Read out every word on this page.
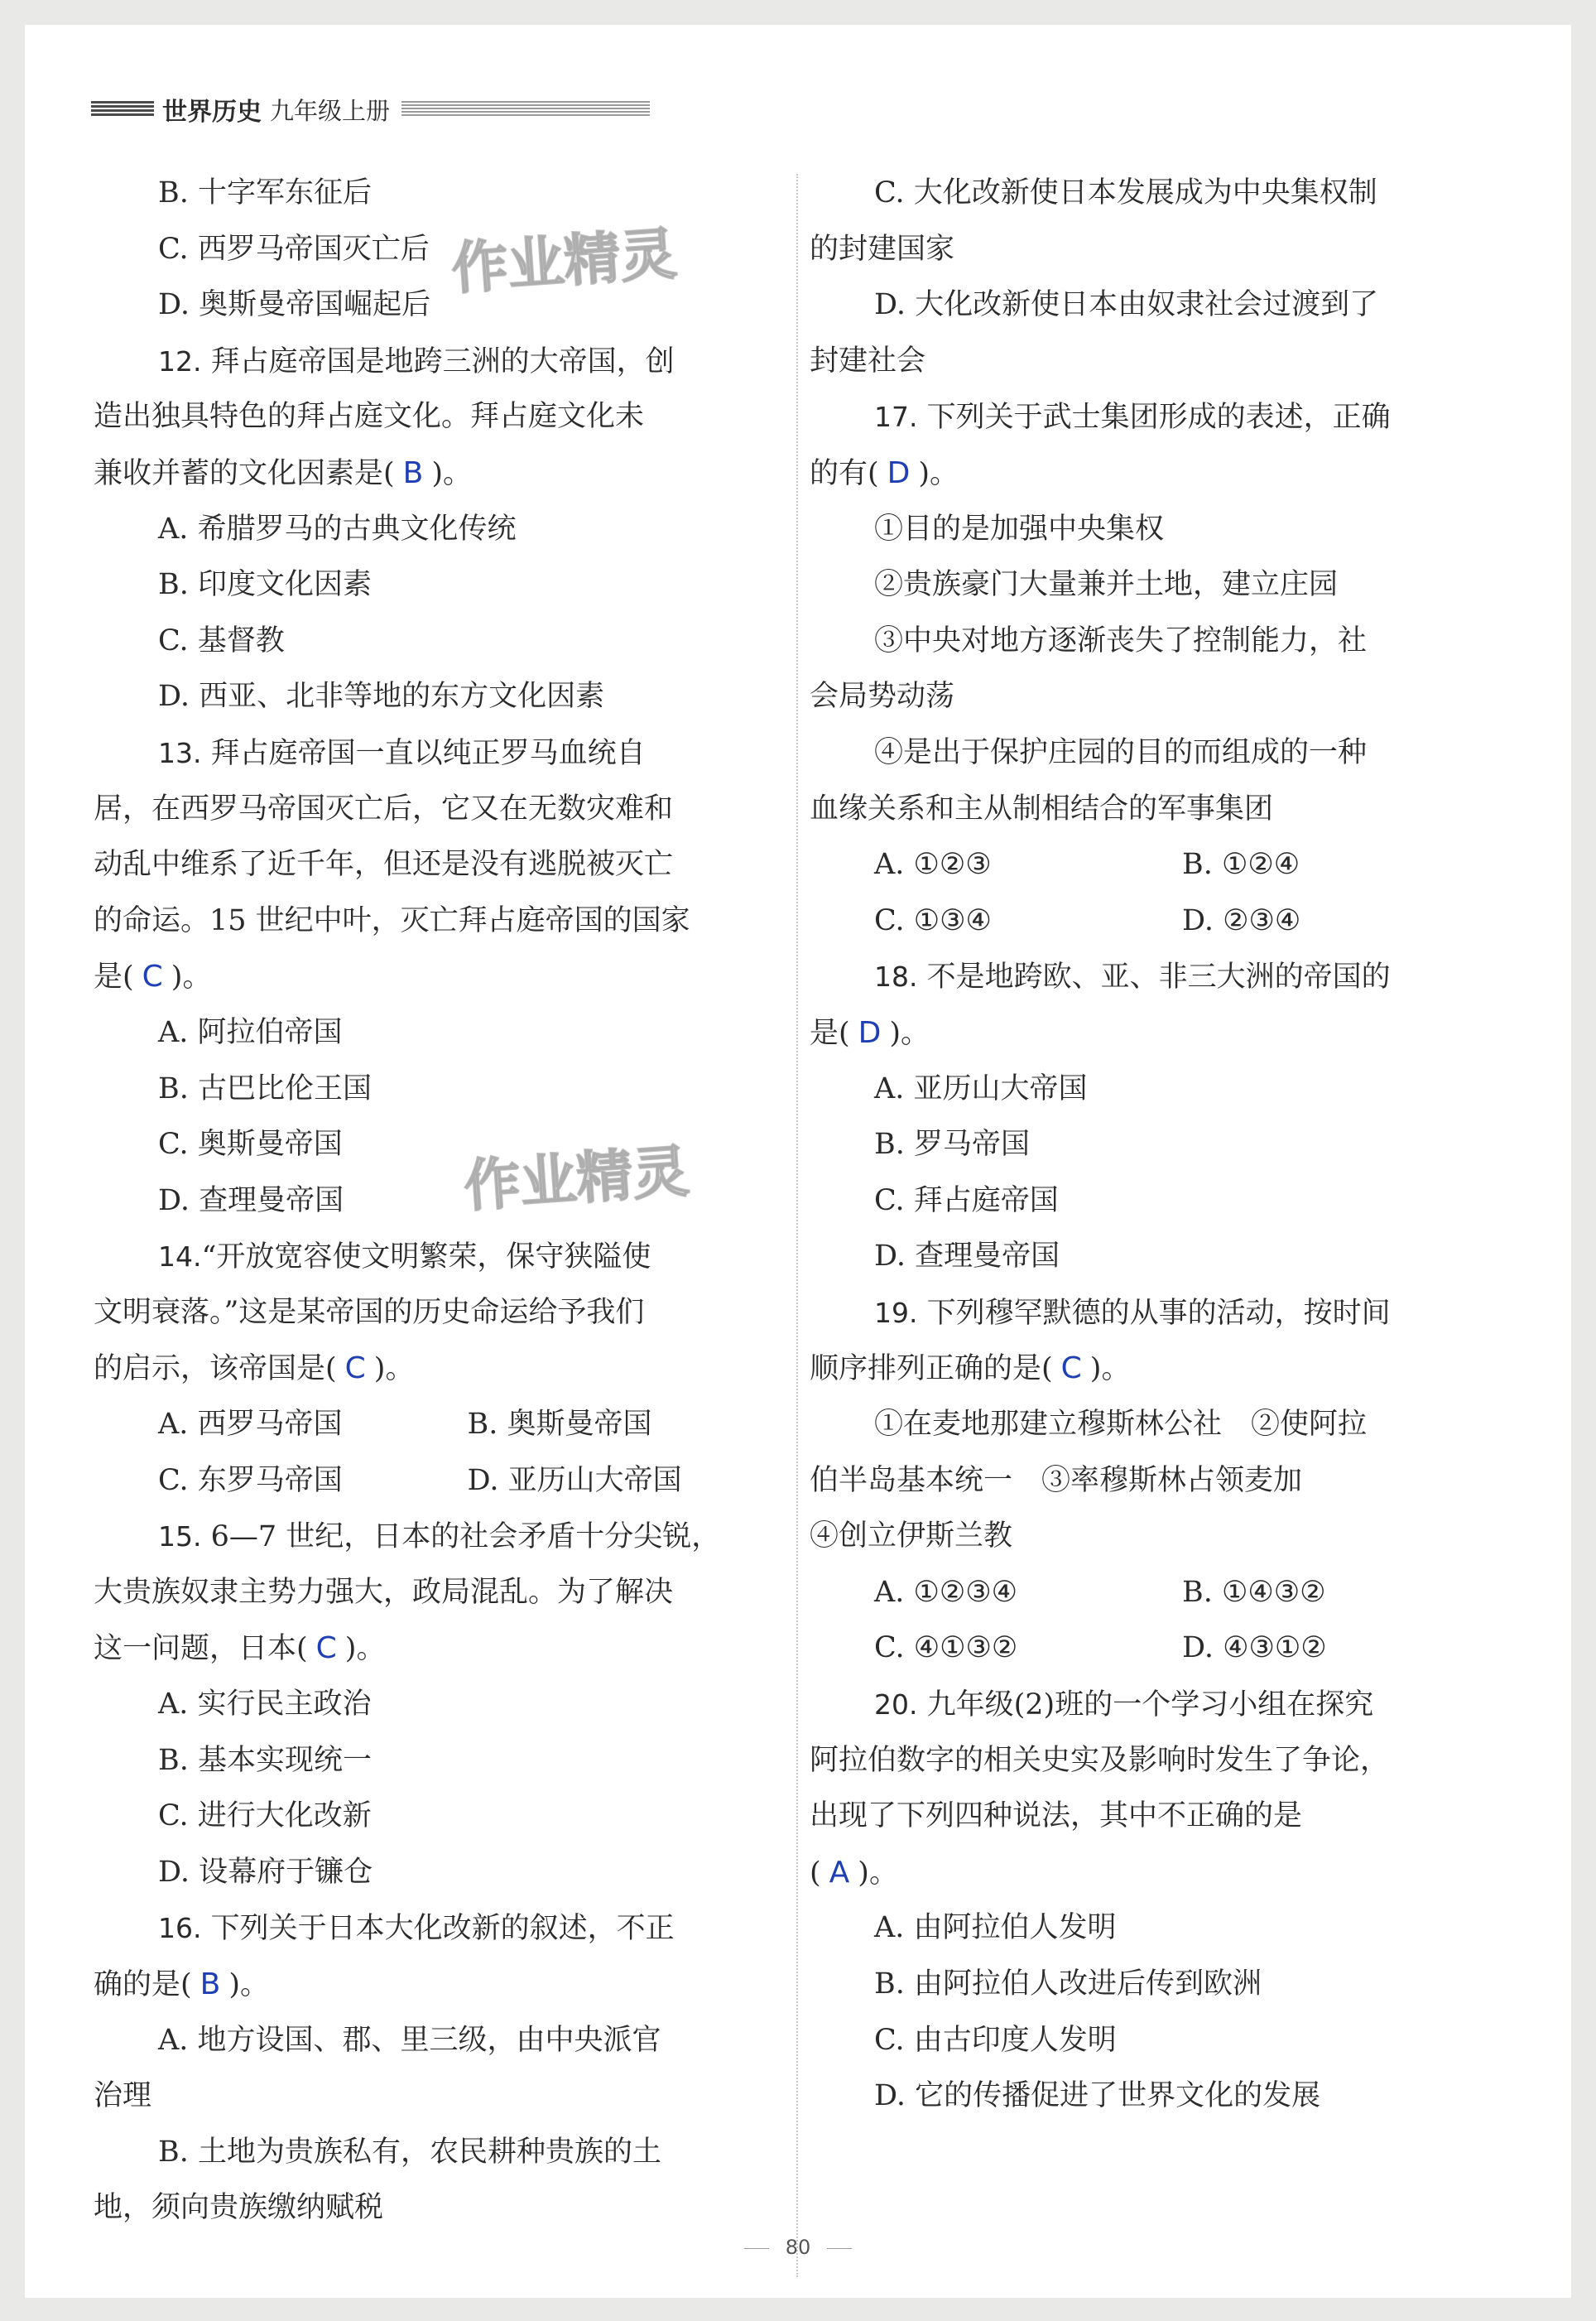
世界历史 九年级上册
B. 十字军东征后
C. 西罗马帝国灭亡后
D. 奥斯曼帝国崛起后
12. 拜占庭帝国是地跨三洲的大帝国，创
造出独具特色的拜占庭文化。拜占庭文化未
兼收并蓄的文化因素是( B )。
A. 希腊罗马的古典文化传统
B. 印度文化因素
C. 基督教
D. 西亚、北非等地的东方文化因素
13. 拜占庭帝国一直以纯正罗马血统自
居，在西罗马帝国灭亡后，它又在无数灾难和
动乱中维系了近千年，但还是没有逃脱被灭亡
的命运。15 世纪中叶，灭亡拜占庭帝国的国家
是( C )。
A. 阿拉伯帝国
B. 古巴比伦王国
C. 奥斯曼帝国
D. 查理曼帝国
14.“开放宽容使文明繁荣，保守狭隘使
文明衰落。”这是某帝国的历史命运给予我们
的启示，该帝国是( C )。
A. 西罗马帝国	B. 奥斯曼帝国
C. 东罗马帝国	D. 亚历山大帝国
15. 6—7 世纪，日本的社会矛盾十分尖锐，
大贵族奴隶主势力强大，政局混乱。为了解决
这一问题，日本( C )。
A. 实行民主政治
B. 基本实现统一
C. 进行大化改新
D. 设幕府于镰仓
16. 下列关于日本大化改新的叙述，不正
确的是( B )。
A. 地方设国、郡、里三级，由中央派官
治理
B. 土地为贵族私有，农民耕种贵族的土
地，须向贵族缴纳赋税
C. 大化改新使日本发展成为中央集权制
的封建国家
D. 大化改新使日本由奴隶社会过渡到了
封建社会
17. 下列关于武士集团形成的表述，正确
的有( D )。
①目的是加强中央集权
②贵族豪门大量兼并土地，建立庄园
③中央对地方逐渐丧失了控制能力，社
会局势动荡
④是出于保护庄园的目的而组成的一种
血缘关系和主从制相结合的军事集团
A. ①②③	B. ①②④
C. ①③④	D. ②③④
18. 不是地跨欧、亚、非三大洲的帝国的
是( D )。
A. 亚历山大帝国
B. 罗马帝国
C. 拜占庭帝国
D. 查理曼帝国
19. 下列穆罕默德的从事的活动，按时间
顺序排列正确的是( C )。
①在麦地那建立穆斯林公社　②使阿拉
伯半岛基本统一　③率穆斯林占领麦加
④创立伊斯兰教
A. ①②③④	B. ①④③②
C. ④①③②	D. ④③①②
20. 九年级(2)班的一个学习小组在探究
阿拉伯数字的相关史实及影响时发生了争论，
出现了下列四种说法，其中不正确的是
( A )。
A. 由阿拉伯人发明
B. 由阿拉伯人改进后传到欧洲
C. 由古印度人发明
D. 它的传播促进了世界文化的发展
作业精灵
作业精灵
80
